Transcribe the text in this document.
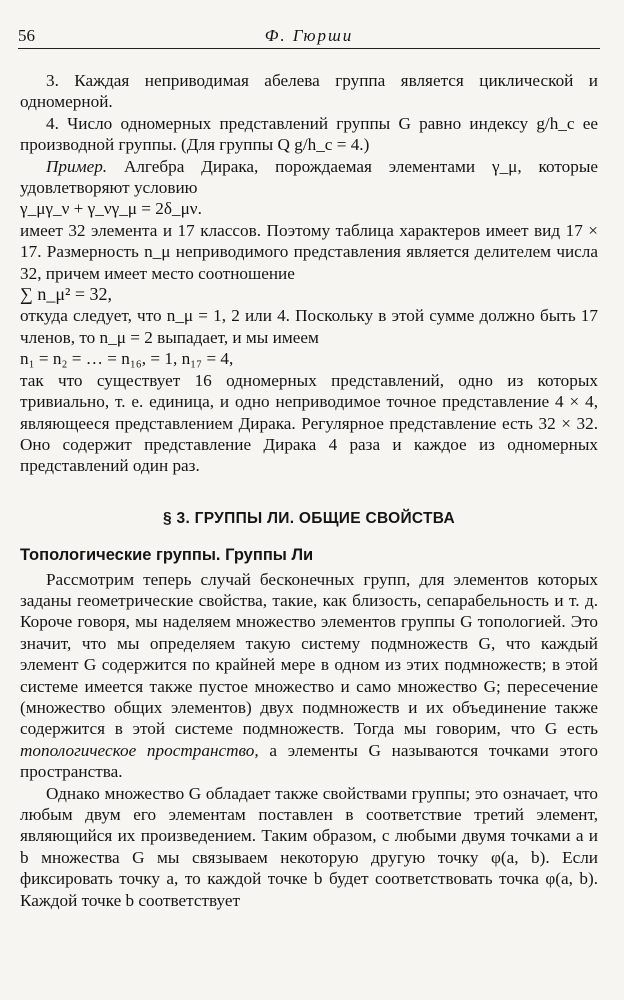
56	Ф. Гюрши

3. Каждая неприводимая абелева группа является циклической и одномерной.

4. Число одномерных представлений группы G равно индексу g/h_c ее производной группы. (Для группы Q g/h_c = 4.)

Пример. Алгебра Дирака, порождаемая элементами γ_μ, которые удовлетворяют условию

γ_μγ_ν + γ_νγ_μ = 2δ_μν.

имеет 32 элемента и 17 классов. Поэтому таблица характеров имеет вид 17 × 17. Размерность n_μ неприводимого представления является делителем числа 32, причем имеет место соотношение

∑ n_μ² = 32,

откуда следует, что n_μ = 1, 2 или 4. Поскольку в этой сумме должно быть 17 членов, то n_μ = 2 выпадает, и мы имеем

n₁ = n₂ = … = n₁₆, = 1, n₁₇ = 4,

так что существует 16 одномерных представлений, одно из которых тривиально, т. е. единица, и одно неприводимое точное представление 4 × 4, являющееся представлением Дирака. Регулярное представление есть 32 × 32. Оно содержит представление Дирака 4 раза и каждое из одномерных представлений один раз.

§ 3. ГРУППЫ ЛИ. ОБЩИЕ СВОЙСТВА
Топологические группы. Группы Ли

Рассмотрим теперь случай бесконечных групп, для элементов которых заданы геометрические свойства, такие, как близость, сепарабельность и т. д. Короче говоря, мы наделяем множество элементов группы G топологией. Это значит, что мы определяем такую систему подмножеств G, что каждый элемент G содержится по крайней мере в одном из этих подмножеств; в этой системе имеется также пустое множество и само множество G; пересечение (множество общих элементов) двух подмножеств и их объединение также содержится в этой системе подмножеств. Тогда мы говорим, что G есть топологическое пространство, а элементы G называются точками этого пространства.

Однако множество G обладает также свойствами группы; это означает, что любым двум его элементам поставлен в соответствие третий элемент, являющийся их произведением. Таким образом, с любыми двумя точками a и b множества G мы связываем некоторую другую точку φ(a, b). Если фиксировать точку a, то каждой точке b будет соответствовать точка φ(a, b). Каждой точке b соответствует
